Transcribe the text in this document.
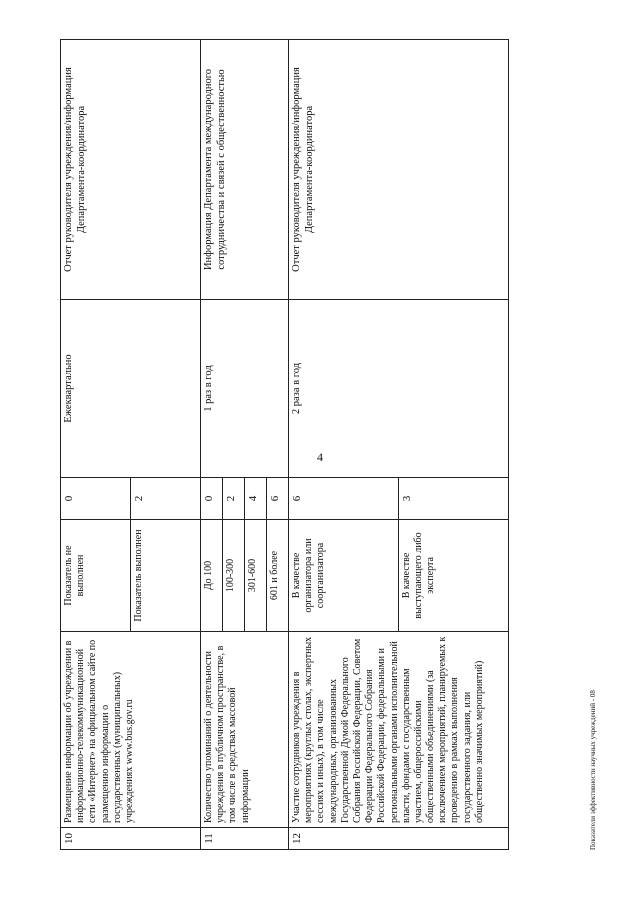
4
10	Размещение информации об учреждении в информационно-телекоммуникационной сети «Интернет» на официальном сайте по размещению информации о государственных (муниципальных) учреждениях www.bus.gov.ru	Показатель не выполнен	0	Ежеквартально	Отчет руководителя учреждения/информация Департамента-координатора
		Показатель выполнен	2		
11	Количество упоминаний о деятельности учреждения в публичном пространстве, в том числе в средствах массовой информации	До 100	0	1 раз в год	Информация Департамента международного сотрудничества и связей с общественностью
		100-300	2		
		301-600	4		
		601 и более	6		
12	Участие сотрудников учреждения в мероприятиях (круглых столах, экспертных сессиях и иных), в том числе международных, организованных Государственной Думой Федерального Собрания Российской Федерации, Советом Федерации Федерального Собрания Российской Федерации, федеральными и региональными органами исполнительной власти, фондами с государственным участием, общероссийскими общественными объединениями (за исключением мероприятий, планируемых к проведению в рамках выполнения государственного задания, или общественно значимых мероприятий)	В качестве организатора или соорганизатора	6	2 раза в год	Отчет руководителя учреждения/информация Департамента-координатора
		В качестве выступающего либо эксперта	3		
Показатели эффективности научных учреждений - 08
